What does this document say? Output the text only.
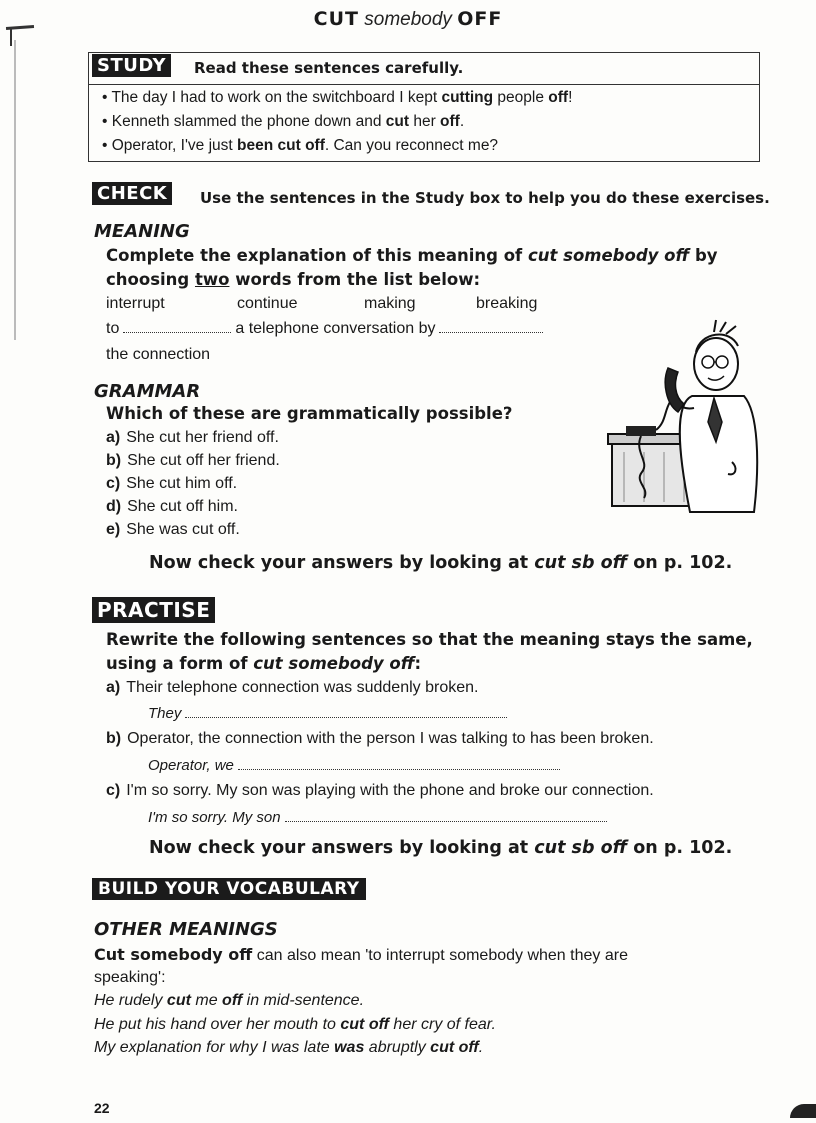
CUT somebody OFF
STUDY	Read these sentences carefully.
• The day I had to work on the switchboard I kept cutting people off!
• Kenneth slammed the phone down and cut her off.
• Operator, I've just been cut off. Can you reconnect me?
CHECK	Use the sentences in the Study box to help you do these exercises.
MEANING
Complete the explanation of this meaning of cut somebody off by
choosing two words from the list below:
interrupt	continue	making	breaking
to	a telephone conversation by
the connection
GRAMMAR
Which of these are grammatically possible?
a) She cut her friend off.
b) She cut off her friend.
c) She cut him off.
d) She cut off him.
e) She was cut off.
Now check your answers by looking at cut sb off on p. 102.
PRACTISE
Rewrite the following sentences so that the meaning stays the same,
using a form of cut somebody off:
a) Their telephone connection was suddenly broken.
They
b) Operator, the connection with the person I was talking to has been broken.
Operator, we
c) I'm so sorry. My son was playing with the phone and broke our connection.
I'm so sorry. My son
Now check your answers by looking at cut sb off on p. 102.
BUILD YOUR VOCABULARY
OTHER MEANINGS
Cut somebody off can also mean 'to interrupt somebody when they are
speaking':
He rudely cut me off in mid-sentence.
He put his hand over her mouth to cut off her cry of fear.
My explanation for why I was late was abruptly cut off.
22
